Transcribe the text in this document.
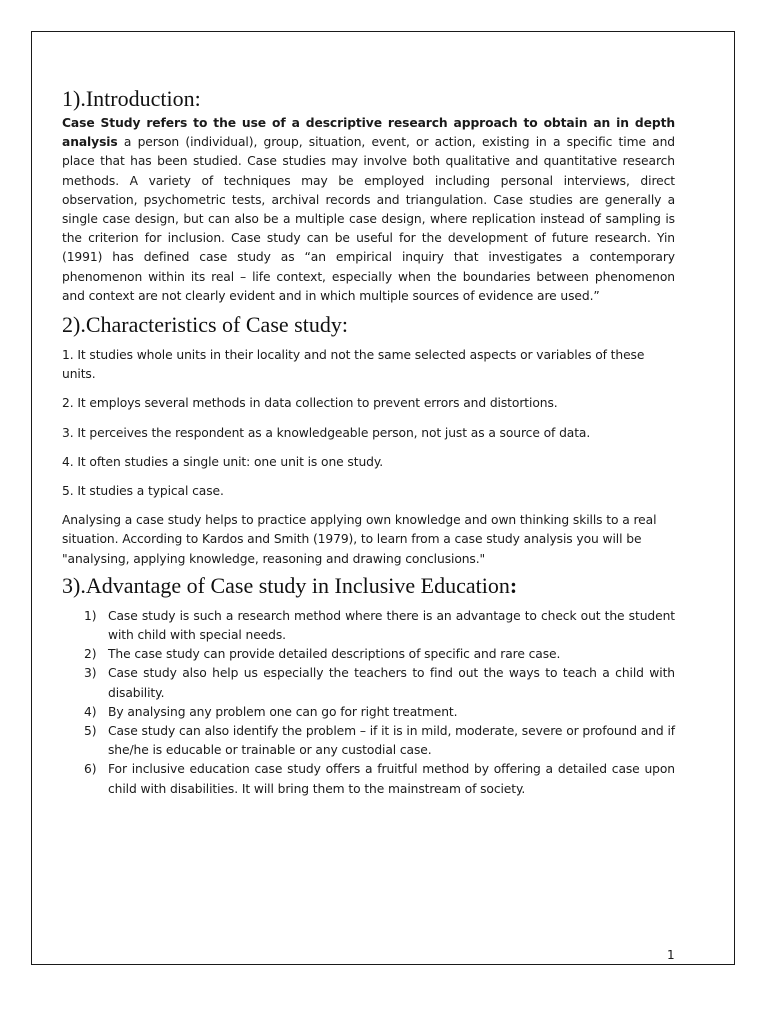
1).Introduction:

Case Study refers to the use of a descriptive research approach to obtain an in depth analysis a person (individual), group, situation, event, or action, existing in a specific time and place that has been studied. Case studies may involve both qualitative and quantitative research methods. A variety of techniques may be employed including personal interviews, direct observation, psychometric tests, archival records and triangulation. Case studies are generally a single case design, but can also be a multiple case design, where replication instead of sampling is the criterion for inclusion. Case study can be useful for the development of future research. Yin (1991) has defined case study as “an empirical inquiry that investigates a contemporary phenomenon within its real – life context, especially when the boundaries between phenomenon and context are not clearly evident and in which multiple sources of evidence are used.”

2).Characteristics of Case study:

1. It studies whole units in their locality and not the same selected aspects or variables of these units.

2. It employs several methods in data collection to prevent errors and distortions.

3. It perceives the respondent as a knowledgeable person, not just as a source of data.

4. It often studies a single unit: one unit is one study.

5. It studies a typical case.

Analysing a case study helps to practice applying own knowledge and own thinking skills to a real situation. According to Kardos and Smith (1979), to learn from a case study analysis you will be "analysing, applying knowledge, reasoning and drawing conclusions."

3).Advantage of Case study in Inclusive Education:
1) Case study is such a research method where there is an advantage to check out the student with child with special needs.
2) The case study can provide detailed descriptions of specific and rare case.
3) Case study also help us especially the teachers to find out the ways to teach a child with disability.
4) By analysing any problem one can go for right treatment.
5) Case study can also identify the problem – if it is in mild, moderate, severe or profound and if she/he is educable or trainable or any custodial case.
6) For inclusive education case study offers a fruitful method by offering a detailed case upon child with disabilities. It will bring them to the mainstream of society.
1
